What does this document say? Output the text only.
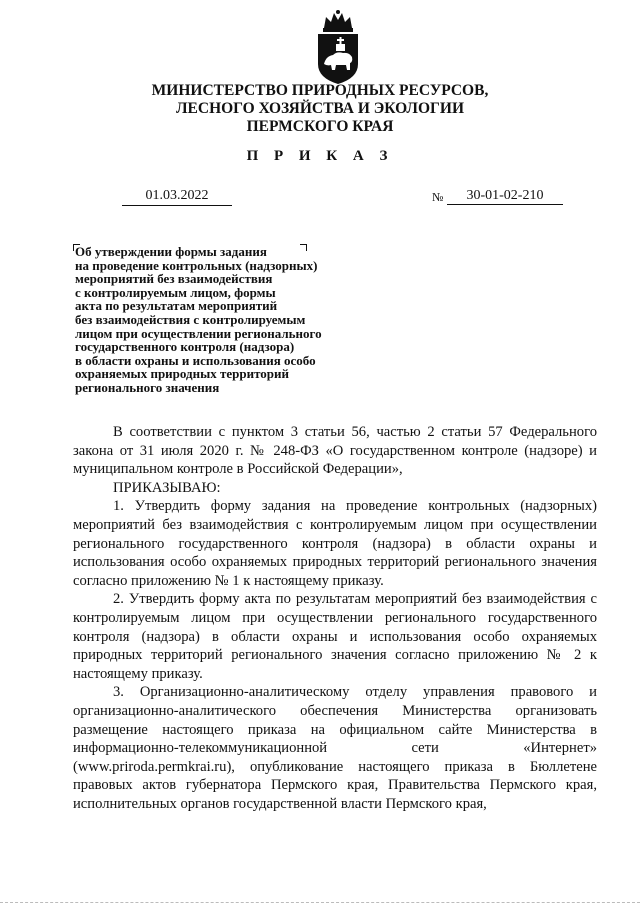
МИНИСТЕРСТВО ПРИРОДНЫХ РЕСУРСОВ,
ЛЕСНОГО ХОЗЯЙСТВА И ЭКОЛОГИИ
ПЕРМСКОГО КРАЯ
П Р И К А З
01.03.2022	№ 30-01-02-210
Об утверждении формы задания
на проведение контрольных (надзорных)
мероприятий без взаимодействия
с контролируемым лицом, формы
акта по результатам мероприятий
без взаимодействия с контролируемым
лицом при осуществлении регионального
государственного контроля (надзора)
в области охраны и использования особо
охраняемых природных территорий
регионального значения

В соответствии с пунктом 3 статьи 56, частью 2 статьи 57 Федерального закона от 31 июля 2020 г. № 248-ФЗ «О государственном контроле (надзоре) и муниципальном контроле в Российской Федерации»,

ПРИКАЗЫВАЮ:

1. Утвердить форму задания на проведение контрольных (надзорных) мероприятий без взаимодействия с контролируемым лицом при осуществлении регионального государственного контроля (надзора) в области охраны и использования особо охраняемых природных территорий регионального значения согласно приложению № 1 к настоящему приказу.

2. Утвердить форму акта по результатам мероприятий без взаимодействия с контролируемым лицом при осуществлении регионального государственного контроля (надзора) в области охраны и использования особо охраняемых природных территорий регионального значения согласно приложению № 2 к настоящему приказу.

3. Организационно-аналитическому отделу управления правового и организационно-аналитического обеспечения Министерства организовать размещение настоящего приказа на официальном сайте Министерства в информационно-телекоммуникационной сети «Интернет» (www.priroda.permkrai.ru), опубликование настоящего приказа в Бюллетене правовых актов губернатора Пермского края, Правительства Пермского края, исполнительных органов государственной власти Пермского края,
